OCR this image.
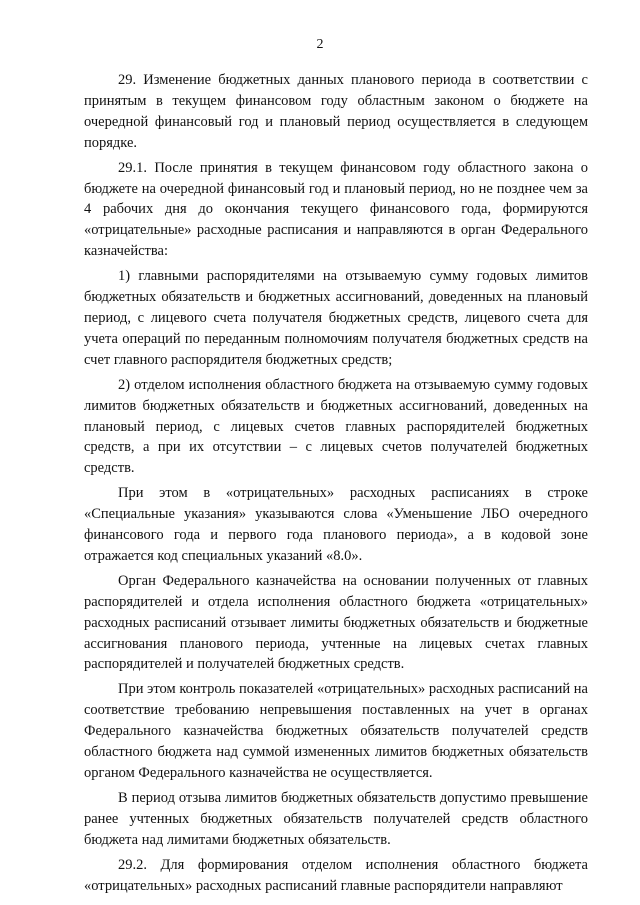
2

29. Изменение бюджетных данных планового периода в соответствии с принятым в текущем финансовом году областным законом о бюджете на очередной финансовый год и плановый период осуществляется в следующем порядке.

29.1. После принятия в текущем финансовом году областного закона о бюджете на очередной финансовый год и плановый период, но не позднее чем за 4 рабочих дня до окончания текущего финансового года, формируются «отрицательные» расходные расписания и направляются в орган Федерального казначейства:

1) главными распорядителями на отзываемую сумму годовых лимитов бюджетных обязательств и бюджетных ассигнований, доведенных на плановый период, с лицевого счета получателя бюджетных средств, лицевого счета для учета операций по переданным полномочиям получателя бюджетных средств на счет главного распорядителя бюджетных средств;

2) отделом исполнения областного бюджета на отзываемую сумму годовых лимитов бюджетных обязательств и бюджетных ассигнований, доведенных на плановый период, с лицевых счетов главных распорядителей бюджетных средств, а при их отсутствии – с лицевых счетов получателей бюджетных средств.

При этом в «отрицательных» расходных расписаниях в строке «Специальные указания» указываются слова «Уменьшение ЛБО очередного финансового года и первого года планового периода», а в кодовой зоне отражается код специальных указаний «8.0».

Орган Федерального казначейства на основании полученных от главных распорядителей и отдела исполнения областного бюджета «отрицательных» расходных расписаний отзывает лимиты бюджетных обязательств и бюджетные ассигнования планового периода, учтенные на лицевых счетах главных распорядителей и получателей бюджетных средств.

При этом контроль показателей «отрицательных» расходных расписаний на соответствие требованию непревышения поставленных на учет в органах Федерального казначейства бюджетных обязательств получателей средств областного бюджета над суммой измененных лимитов бюджетных обязательств органом Федерального казначейства не осуществляется.

В период отзыва лимитов бюджетных обязательств допустимо превышение ранее учтенных бюджетных обязательств получателей средств областного бюджета над лимитами бюджетных обязательств.

29.2. Для формирования отделом исполнения областного бюджета «отрицательных» расходных расписаний главные распорядители направляют
